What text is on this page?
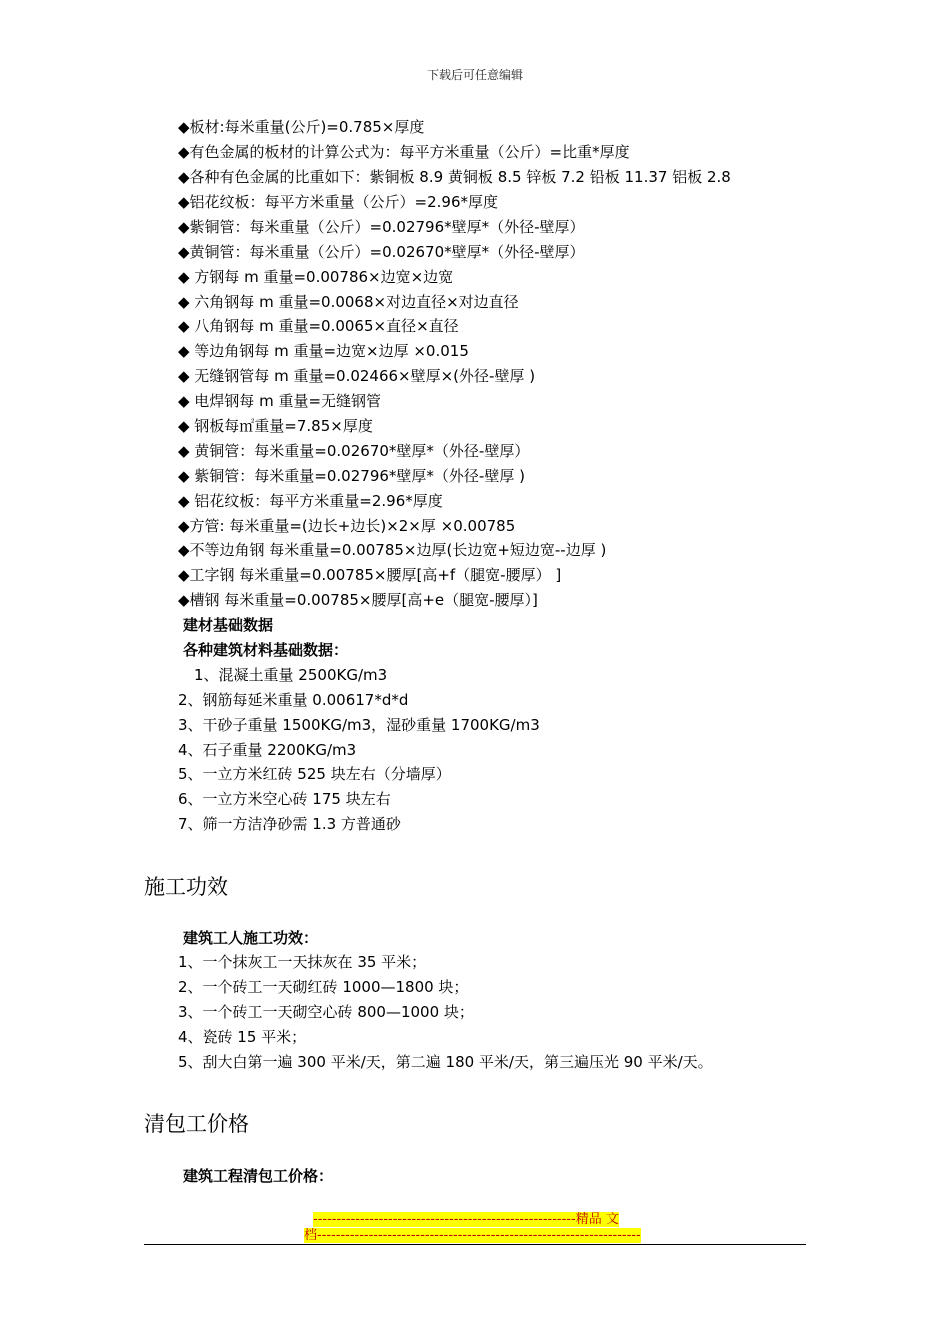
下载后可任意编辑
◆板材:每米重量(公斤)=0.785×厚度
◆有色金属的板材的计算公式为：每平方米重量（公斤）=比重*厚度
◆各种有色金属的比重如下：紫铜板 8.9 黄铜板 8.5 锌板 7.2 铅板 11.37 铝板 2.8
◆铝花纹板：每平方米重量（公斤）=2.96*厚度
◆紫铜管：每米重量（公斤）=0.02796*壁厚*（外径-壁厚）
◆黄铜管：每米重量（公斤）=0.02670*壁厚*（外径-壁厚）
◆ 方钢每 m 重量=0.00786×边宽×边宽
◆ 六角钢每 m 重量=0.0068×对边直径×对边直径
◆ 八角钢每 m 重量=0.0065×直径×直径
◆ 等边角钢每 m 重量=边宽×边厚 ×0.015
◆ 无缝钢管每 m 重量=0.02466×壁厚×(外径-壁厚 )
◆ 电焊钢每 m 重量=无缝钢管
◆ 钢板每㎡重量=7.85×厚度
◆ 黄铜管：每米重量=0.02670*壁厚*（外径-壁厚）
◆ 紫铜管：每米重量=0.02796*壁厚*（外径-壁厚 )
◆ 铝花纹板：每平方米重量=2.96*厚度
◆方管: 每米重量=(边长+边长)×2×厚 ×0.00785
◆不等边角钢 每米重量=0.00785×边厚(长边宽+短边宽--边厚 )
◆工字钢 每米重量=0.00785×腰厚[高+f（腿宽-腰厚） ]
◆槽钢 每米重量=0.00785×腰厚[高+e（腿宽-腰厚）]
建材基础数据
各种建筑材料基础数据：
1、混凝土重量 2500KG/m3
2、钢筋每延米重量 0.00617*d*d
3、干砂子重量 1500KG/m3，湿砂重量 1700KG/m3
4、石子重量 2200KG/m3
5、一立方米红砖 525 块左右（分墙厚）
6、一立方米空心砖 175 块左右
7、筛一方洁净砂需 1.3 方普通砂
施工功效
建筑工人施工功效：
1、一个抹灰工一天抹灰在 35 平米；
2、一个砖工一天砌红砖 1000—1800 块；
3、一个砖工一天砌空心砖 800—1000 块；
4、瓷砖 15 平米；
5、刮大白第一遍 300 平米/天，第二遍 180 平米/天，第三遍压光 90 平米/天。
清包工价格
建筑工程清包工价格：
--------------------------------------------------------精品 文
档---------------------------------------------------------------------
